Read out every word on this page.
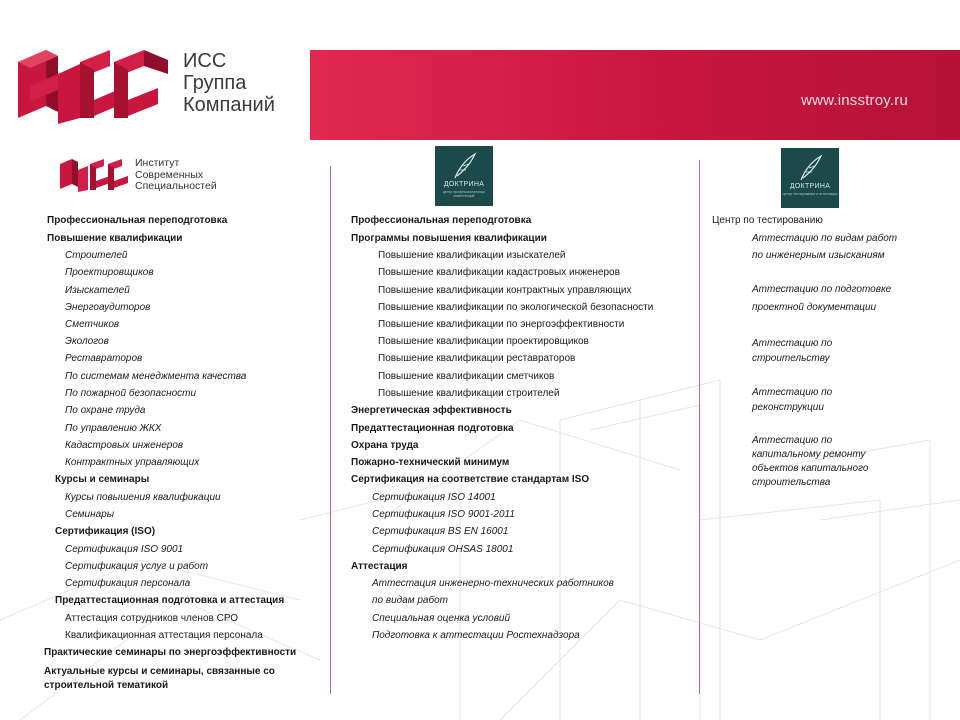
www.insstroy.ru
ИСС
Группа
Компаний
Институт
Современных
Специальностей	ДОКТРИНА
центр профессиональных компетенций
ДОКТРИНА
центр тестирования и аттестации
Профессиональная переподготовка
Повышение квалификации
Строителей
Проектировщиков
Изыскателей
Энергоаудиторов
Сметчиков
Экологов
Реставраторов
По системам менеджмента качества
По пожарной безопасности
По охране труда
По управлению ЖКХ
Кадастровых инженеров
Контрактных управляющих
Курсы и семинары
Курсы повышения квалификации
Семинары
Сертификация (ISO)
Сертификация ISO 9001
Сертификация услуг и работ
Сертификация персонала
Предаттестационная подготовка и аттестация
Аттестация сотрудников членов СРО
Квалификационная аттестация персонала
Практические семинары по энергоэффективности
Актуальные курсы и семинары, связанные со строительной тематикой
Профессиональная переподготовка
Программы повышения квалификации
Повышение квалификации изыскателей
Повышение квалификации кадастровых инженеров
Повышение квалификации контрактных управляющих
Повышение квалификации по экологической безопасности
Повышение квалификации по энергоэффективности
Повышение квалификации проектировщиков
Повышение квалификации реставраторов
Повышение квалификации сметчиков
Повышение квалификации строителей
Энергетическая эффективность
Предаттестационная подготовка
Охрана труда
Пожарно-технический минимум
Сертификация на соответствие стандартам ISO
Сертификация ISO 14001
Сертификация ISO 9001-2011
Сертификация BS EN 16001
Сертификация OHSAS 18001
Аттестация
Аттестация инженерно-технических работников
по видам работ
Специальная оценка условий
Подготовка к аттестации Ростехнадзора
Центр по тестированию
Аттестацию по видам работ
по инженерным изысканиям
Аттестацию по подготовке
проектной документации
Аттестацию по строительству
Аттестацию по реконструкции
Аттестацию по капитальному ремонту объектов капитального строительства
